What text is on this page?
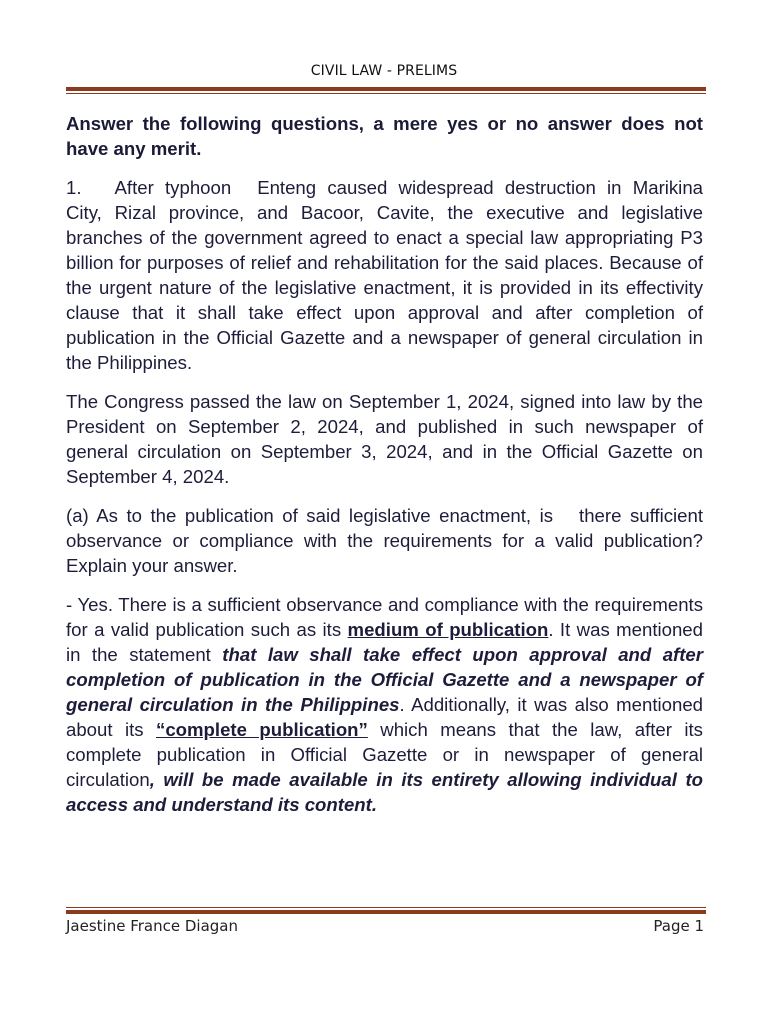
CIVIL LAW - PRELIMS

Answer the following questions, a mere yes or no answer does not have any merit.

1. After typhoon Enteng caused widespread destruction in Marikina City, Rizal province, and Bacoor, Cavite, the executive and legislative branches of the government agreed to enact a special law appropriating P3 billion for purposes of relief and rehabilitation for the said places. Because of the urgent nature of the legislative enactment, it is provided in its effectivity clause that it shall take effect upon approval and after completion of publication in the Official Gazette and a newspaper of general circulation in the Philippines.

The Congress passed the law on September 1, 2024, signed into law by the President on September 2, 2024, and published in such newspaper of general circulation on September 3, 2024, and in the Official Gazette on September 4, 2024.

(a) As to the publication of said legislative enactment, is there sufficient observance or compliance with the requirements for a valid publication? Explain your answer.

- Yes. There is a sufficient observance and compliance with the requirements for a valid publication such as its medium of publication. It was mentioned in the statement that law shall take effect upon approval and after completion of publication in the Official Gazette and a newspaper of general circulation in the Philippines. Additionally, it was also mentioned about its “complete publication” which means that the law, after its complete publication in Official Gazette or in newspaper of general circulation, will be made available in its entirety allowing individual to access and understand its content.

Jaestine France Diagan	Page 1
